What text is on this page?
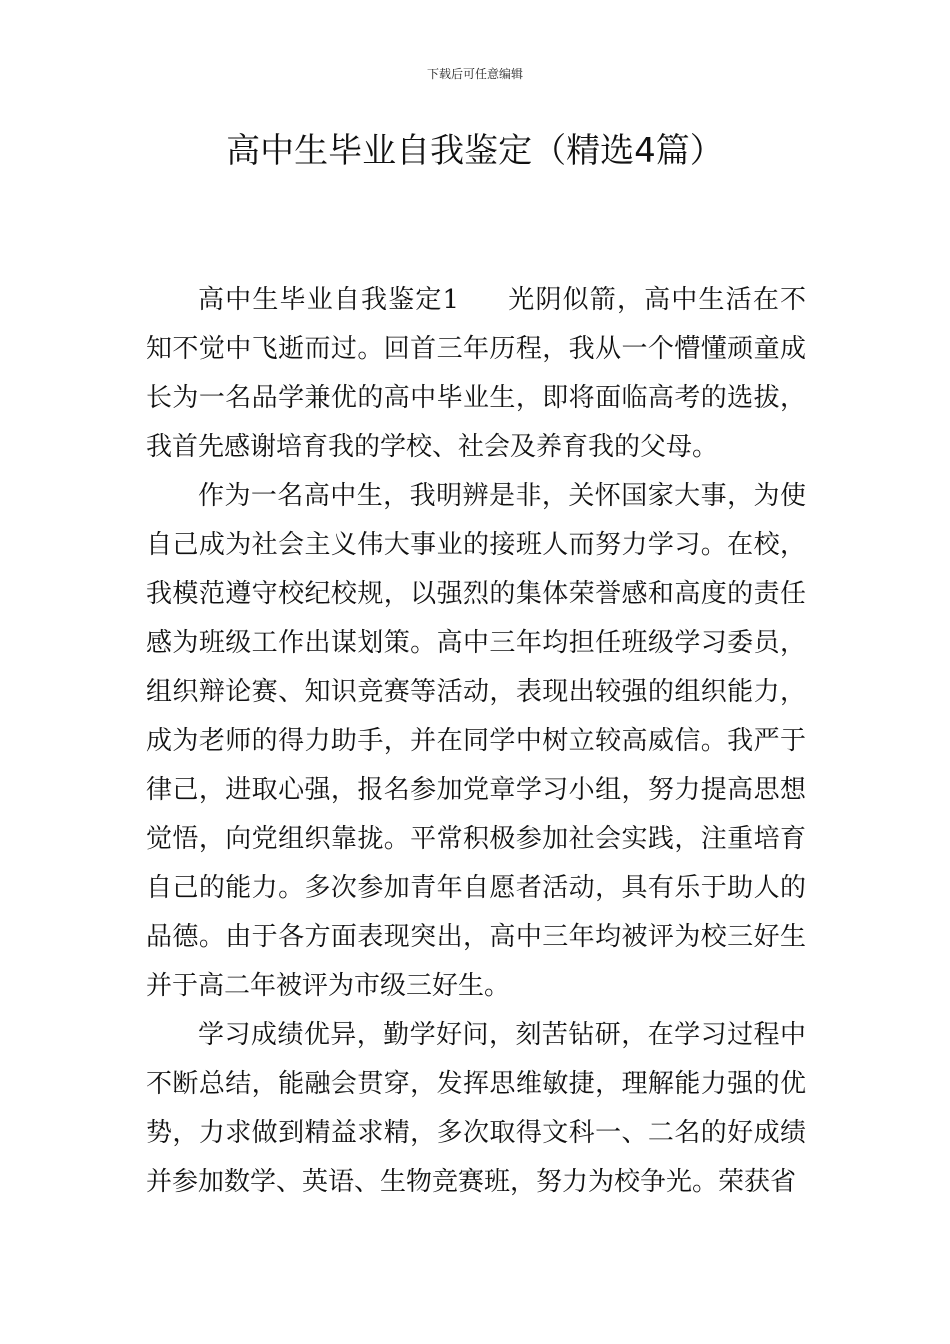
下载后可任意编辑
高中生毕业自我鉴定（精选4篇）

高中生毕业自我鉴定1 光阴似箭，高中生活在不知不觉中飞逝而过。回首三年历程，我从一个懵懂顽童成长为一名品学兼优的高中毕业生，即将面临高考的选拔，我首先感谢培育我的学校、社会及养育我的父母。

作为一名高中生，我明辨是非，关怀国家大事，为使自己成为社会主义伟大事业的接班人而努力学习。在校，我模范遵守校纪校规，以强烈的集体荣誉感和高度的责任感为班级工作出谋划策。高中三年均担任班级学习委员，组织辩论赛、知识竞赛等活动，表现出较强的组织能力，成为老师的得力助手，并在同学中树立较高威信。我严于律己，进取心强，报名参加党章学习小组，努力提高思想觉悟，向党组织靠拢。平常积极参加社会实践，注重培育自己的能力。多次参加青年自愿者活动，具有乐于助人的品德。由于各方面表现突出，高中三年均被评为校三好生并于高二年被评为市级三好生。

学习成绩优异，勤学好问，刻苦钻研，在学习过程中不断总结，能融会贯穿，发挥思维敏捷，理解能力强的优势，力求做到精益求精，多次取得文科一、二名的好成绩并参加数学、英语、生物竞赛班，努力为校争光。荣获省
